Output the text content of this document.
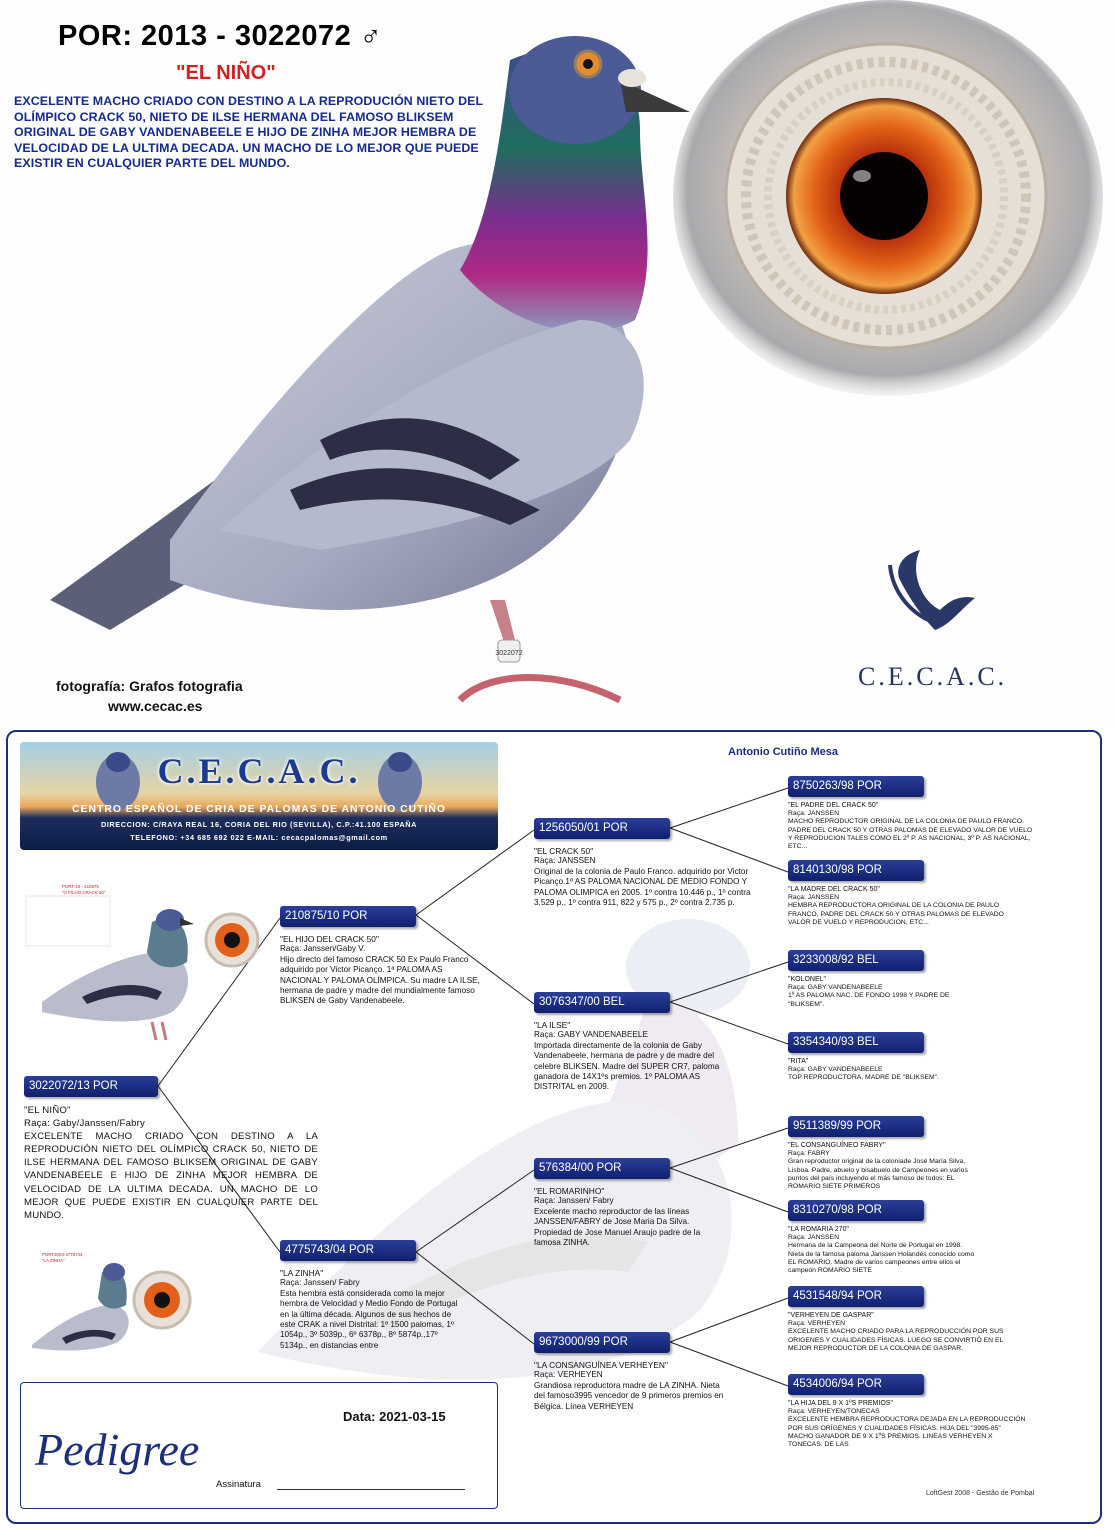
3022072
POR: 2013 - 3022072 ♂
"EL NIÑO"
EXCELENTE MACHO CRIADO CON DESTINO A LA REPRODUCIÓN NIETO DEL OLÍMPICO CRACK 50, NIETO DE ILSE HERMANA DEL FAMOSO BLIKSEM ORIGINAL DE GABY VANDENABEELE E HIJO DE ZINHA MEJOR HEMBRA DE VELOCIDAD DE LA ULTIMA DECADA. UN MACHO DE LO MEJOR QUE PUEDE EXISTIR EN CUALQUIER PARTE DEL MUNDO.
fotografía: Grafos fotografia
www.cecac.es
C.E.C.A.C.
C.E.C.A.C.
CENTRO ESPAÑOL DE CRIA DE PALOMAS DE ANTONIO CUTIÑO
DIRECCION: C/RAYA REAL 16, CORIA DEL RIO (SEVILLA), C.P.:41.100 ESPAÑA
TELEFONO: +34 685 692 022 E-MAIL: cecacpalomas@gmail.com
Antonio Cutiño Mesa
PORT-10 - 210875
"O FILHO CRACK 50"
PORT2004-4775743
"LA ZINHA"
3022072/13 POR
"EL NIÑO"
Raça: Gaby/Janssen/Fabry
EXCELENTE MACHO CRIADO CON DESTINO A LA REPRODUCIÓN NIETO DEL OLÍMPICO CRACK 50, NIETO DE ILSE HERMANA DEL FAMOSO BLIKSEM ORIGINAL DE GABY VANDENABEELE E HIJO DE ZINHA MEJOR HEMBRA DE VELOCIDAD DE LA ULTIMA DECADA. UN MACHO DE LO MEJOR QUE PUEDE EXISTIR EN CUALQUIER PARTE DEL MUNDO.
210875/10 POR
"EL HIJO DEL CRACK 50"
Raça: Janssen/Gaby V.
Hijo directo del famoso CRACK 50 Ex Paulo Franco adquirido por Victor Picanço. 1ª PALOMA AS NACIONAL Y PALOMA OLÍMPICA. Su madre LA ILSE, hermana de padre y madre del mundialmente famoso BLIKSEN de Gaby Vandenabeele.
4775743/04 POR
"LA ZINHA"
Raça: Janssen/ Fabry
Esta hembra está considerada como la mejor hembra de Velocidad y Medio Fondo de Portugal en la última década. Algunos de sus hechos de este CRAK a nivel Distrital: 1º 1500 palomas, 1º 1054p., 3º 5039p., 6º 6378p., 8º 5874p.,17º 5134p., en distancias entre
1256050/01 POR
"EL CRACK 50"
Raça: JANSSEN
Original de la colonia de Paulo Franco. adquirido por Victor Picanço.1º AS PALOMA NACIONAL DE MEDIO FONDO Y PALOMA OLIMPICA en 2005. 1º contra 10.446 p., 1º contra 3.529 p., 1º contra 911, 822 y 575 p., 2º contra 2.735 p.
3076347/00 BEL
"LA ILSE"
Raça: GABY VANDENABEELE
Importada directamente de la colonia de Gaby Vandenabeele, hermana de padre y de madre del celebre BLIKSEN. Madre del SUPER CR7, paloma ganadora de 14X1ºs premios. 1º PALOMA AS DISTRITAL en 2009.
576384/00 POR
"EL ROMARINHO"
Raça: Janssen/ Fabry
Excelente macho reproductor de las líneas JANSSEN/FABRY de Jose Maria Da Silva. Propiedad de Jose Manuel Araujo padre de la famosa ZINHA.
9673000/99 POR
"LA CONSANGUÍNEA VERHEYEN"
Raça: VERHEYEN
Grandiosa reproductora madre de LA ZINHA. Nieta del famoso3995 vencedor de 9 primeros premios en Bélgica. Línea VERHEYEN
8750263/98 POR
"EL PADRE DEL CRACK 50"
Raça: JANSSEN
MACHO REPRODUCTOR ORIGINAL DE LA COLONIA DE PAULO FRANCO. PADRE DEL CRACK 50 Y OTRAS PALOMAS DE ELEVADO VALOR DE VUELO Y REPRODUCION TALES COMO EL 2º P. AS NACIONAL, 3º P. AS NACIONAL, ETC...
8140130/98 POR
"LA MADRE DEL CRACK 50"
Raça: JANSSEN
HEMBRA REPRODUCTORA ORIGINAL DE LA COLONIA DE PAULO FRANCO, PADRE DEL CRACK 50 Y OTRAS PALOMAS DE ELEVADO VALOR DE VUELO Y REPRODUCION, ETC...
3233008/92 BEL
"KOLONEL"
Raça: GABY VANDENABEELE
1º AS PALOMA NAC. DE FONDO 1998 Y PADRE DE "BLIKSEM".
3354340/93 BEL
"RITA"
Raça: GABY VANDENABEELE
TOP REPRODUCTORA, MADRE DE "BLIKSEM".
9511389/99 POR
"EL CONSANGUÍNEO FABRY"
Raça: FABRY
Gran reproductor original de la coloniade José María Silva, Lisboa. Padre, abuelo y bisabuelo de Campeones en varios puntos del país incluyendo el más famoso de todos: EL ROMARIO SIETE PRIMEROS
8310270/98 POR
"LA ROMARIA 270"
Raça: JANSSEN
Hermana de la Campeona del Norte de Portugal en 1998. Nieta de la famosa paloma Janssen Holandés conocido como EL ROMARIO. Madre de varios campeones entre ellos el campeón ROMARIO SIETE
4531548/94 POR
"VERHEYEN DE GASPAR"
Raça: VERHEYEN
EXCELENTE MACHO CRIADO PARA LA REPRODUCCIÓN POR SUS ORIGENES Y CUALIDADES FÍSICAS. LUEGO SE CONVIRTIÓ EN EL MEJOR REPRODUCTOR DE LA COLONIA DE GASPAR.
4534006/94 POR
"LA HIJA DEL 9 X 1ºS PREMIOS"
Raça: VERHEYEN/TONECAS
EXCELENTE HEMBRA REPRODUCTORA DEJADA EN LA REPRODUCCIÓN POR SUS ORÍGENES Y CUALIDADES FÍSICAS. HIJA DEL "3995-85" MACHO GANADOR DE 9 X 1ºS PREMIOS. LINEAS VERHEYEN X TONECAS. DE LAS
Pedigree
Data: 2021-03-15
Assinatura
LoftGest 2008 - Gestão de Pombal
